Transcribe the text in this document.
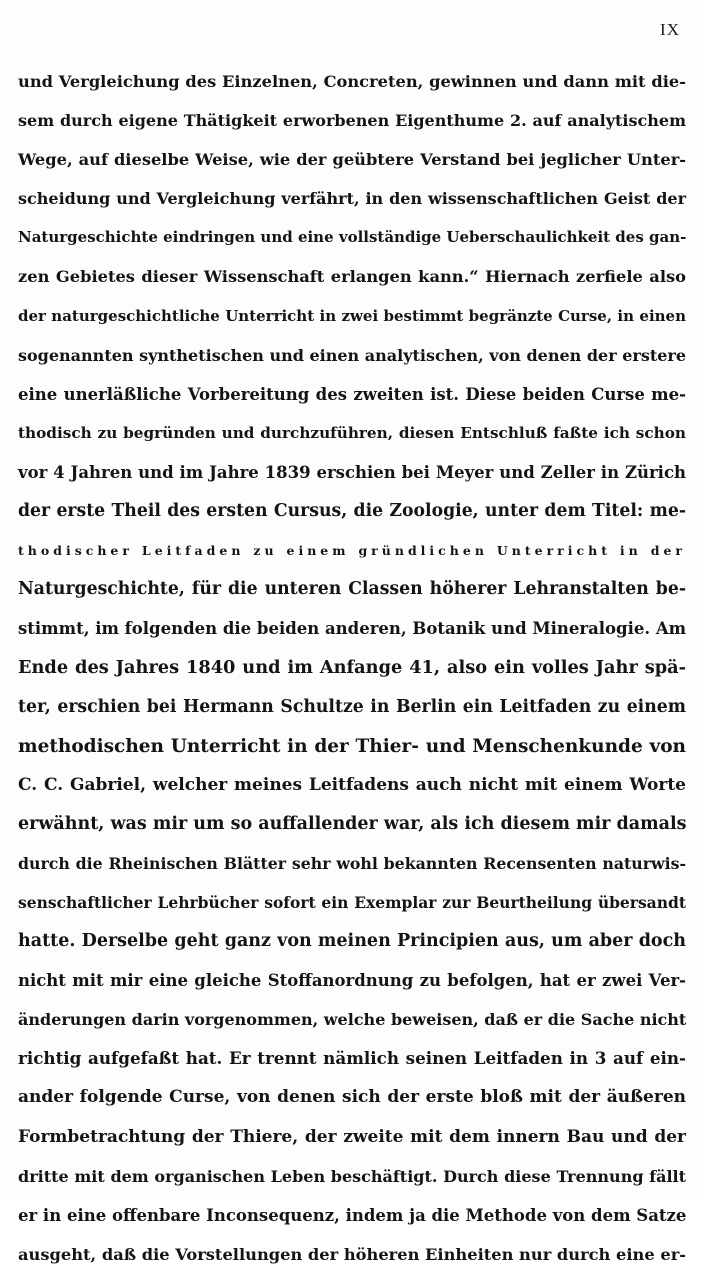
IX
und Vergleichung des Einzelnen, Concreten, gewinnen und dann mit die-
sem durch eigene Thätigkeit erworbenen Eigenthume 2. auf analytischem
Wege, auf dieselbe Weise, wie der geübtere Verstand bei jeglicher Unter-
scheidung und Vergleichung verfährt, in den wissenschaftlichen Geist der
Naturgeschichte eindringen und eine vollständige Ueberschaulichkeit des gan-
zen Gebietes dieser Wissenschaft erlangen kann.“ Hiernach zerfiele also
der naturgeschichtliche Unterricht in zwei bestimmt begränzte Curse, in einen
sogenannten synthetischen und einen analytischen, von denen der erstere
eine unerläßliche Vorbereitung des zweiten ist. Diese beiden Curse me-
thodisch zu begründen und durchzuführen, diesen Entschluß faßte ich schon
vor 4 Jahren und im Jahre 1839 erschien bei Meyer und Zeller in Zürich
der erste Theil des ersten Cursus, die Zoologie, unter dem Titel: me-
thodischer Leitfaden zu einem gründlichen Unterricht in der
Naturgeschichte, für die unteren Classen höherer Lehranstalten be-
stimmt, im folgenden die beiden anderen, Botanik und Mineralogie. Am
Ende des Jahres 1840 und im Anfange 41, also ein volles Jahr spä-
ter, erschien bei Hermann Schultze in Berlin ein Leitfaden zu einem
methodischen Unterricht in der Thier- und Menschenkunde von
C. C. Gabriel, welcher meines Leitfadens auch nicht mit einem Worte
erwähnt, was mir um so auffallender war, als ich diesem mir damals
durch die Rheinischen Blätter sehr wohl bekannten Recensenten naturwis-
senschaftlicher Lehrbücher sofort ein Exemplar zur Beurtheilung übersandt
hatte. Derselbe geht ganz von meinen Principien aus, um aber doch
nicht mit mir eine gleiche Stoffanordnung zu befolgen, hat er zwei Ver-
änderungen darin vorgenommen, welche beweisen, daß er die Sache nicht
richtig aufgefaßt hat. Er trennt nämlich seinen Leitfaden in 3 auf ein-
ander folgende Curse, von denen sich der erste bloß mit der äußeren
Formbetrachtung der Thiere, der zweite mit dem innern Bau und der
dritte mit dem organischen Leben beschäftigt. Durch diese Trennung fällt
er in eine offenbare Inconsequenz, indem ja die Methode von dem Satze
ausgeht, daß die Vorstellungen der höheren Einheiten nur durch eine er-
